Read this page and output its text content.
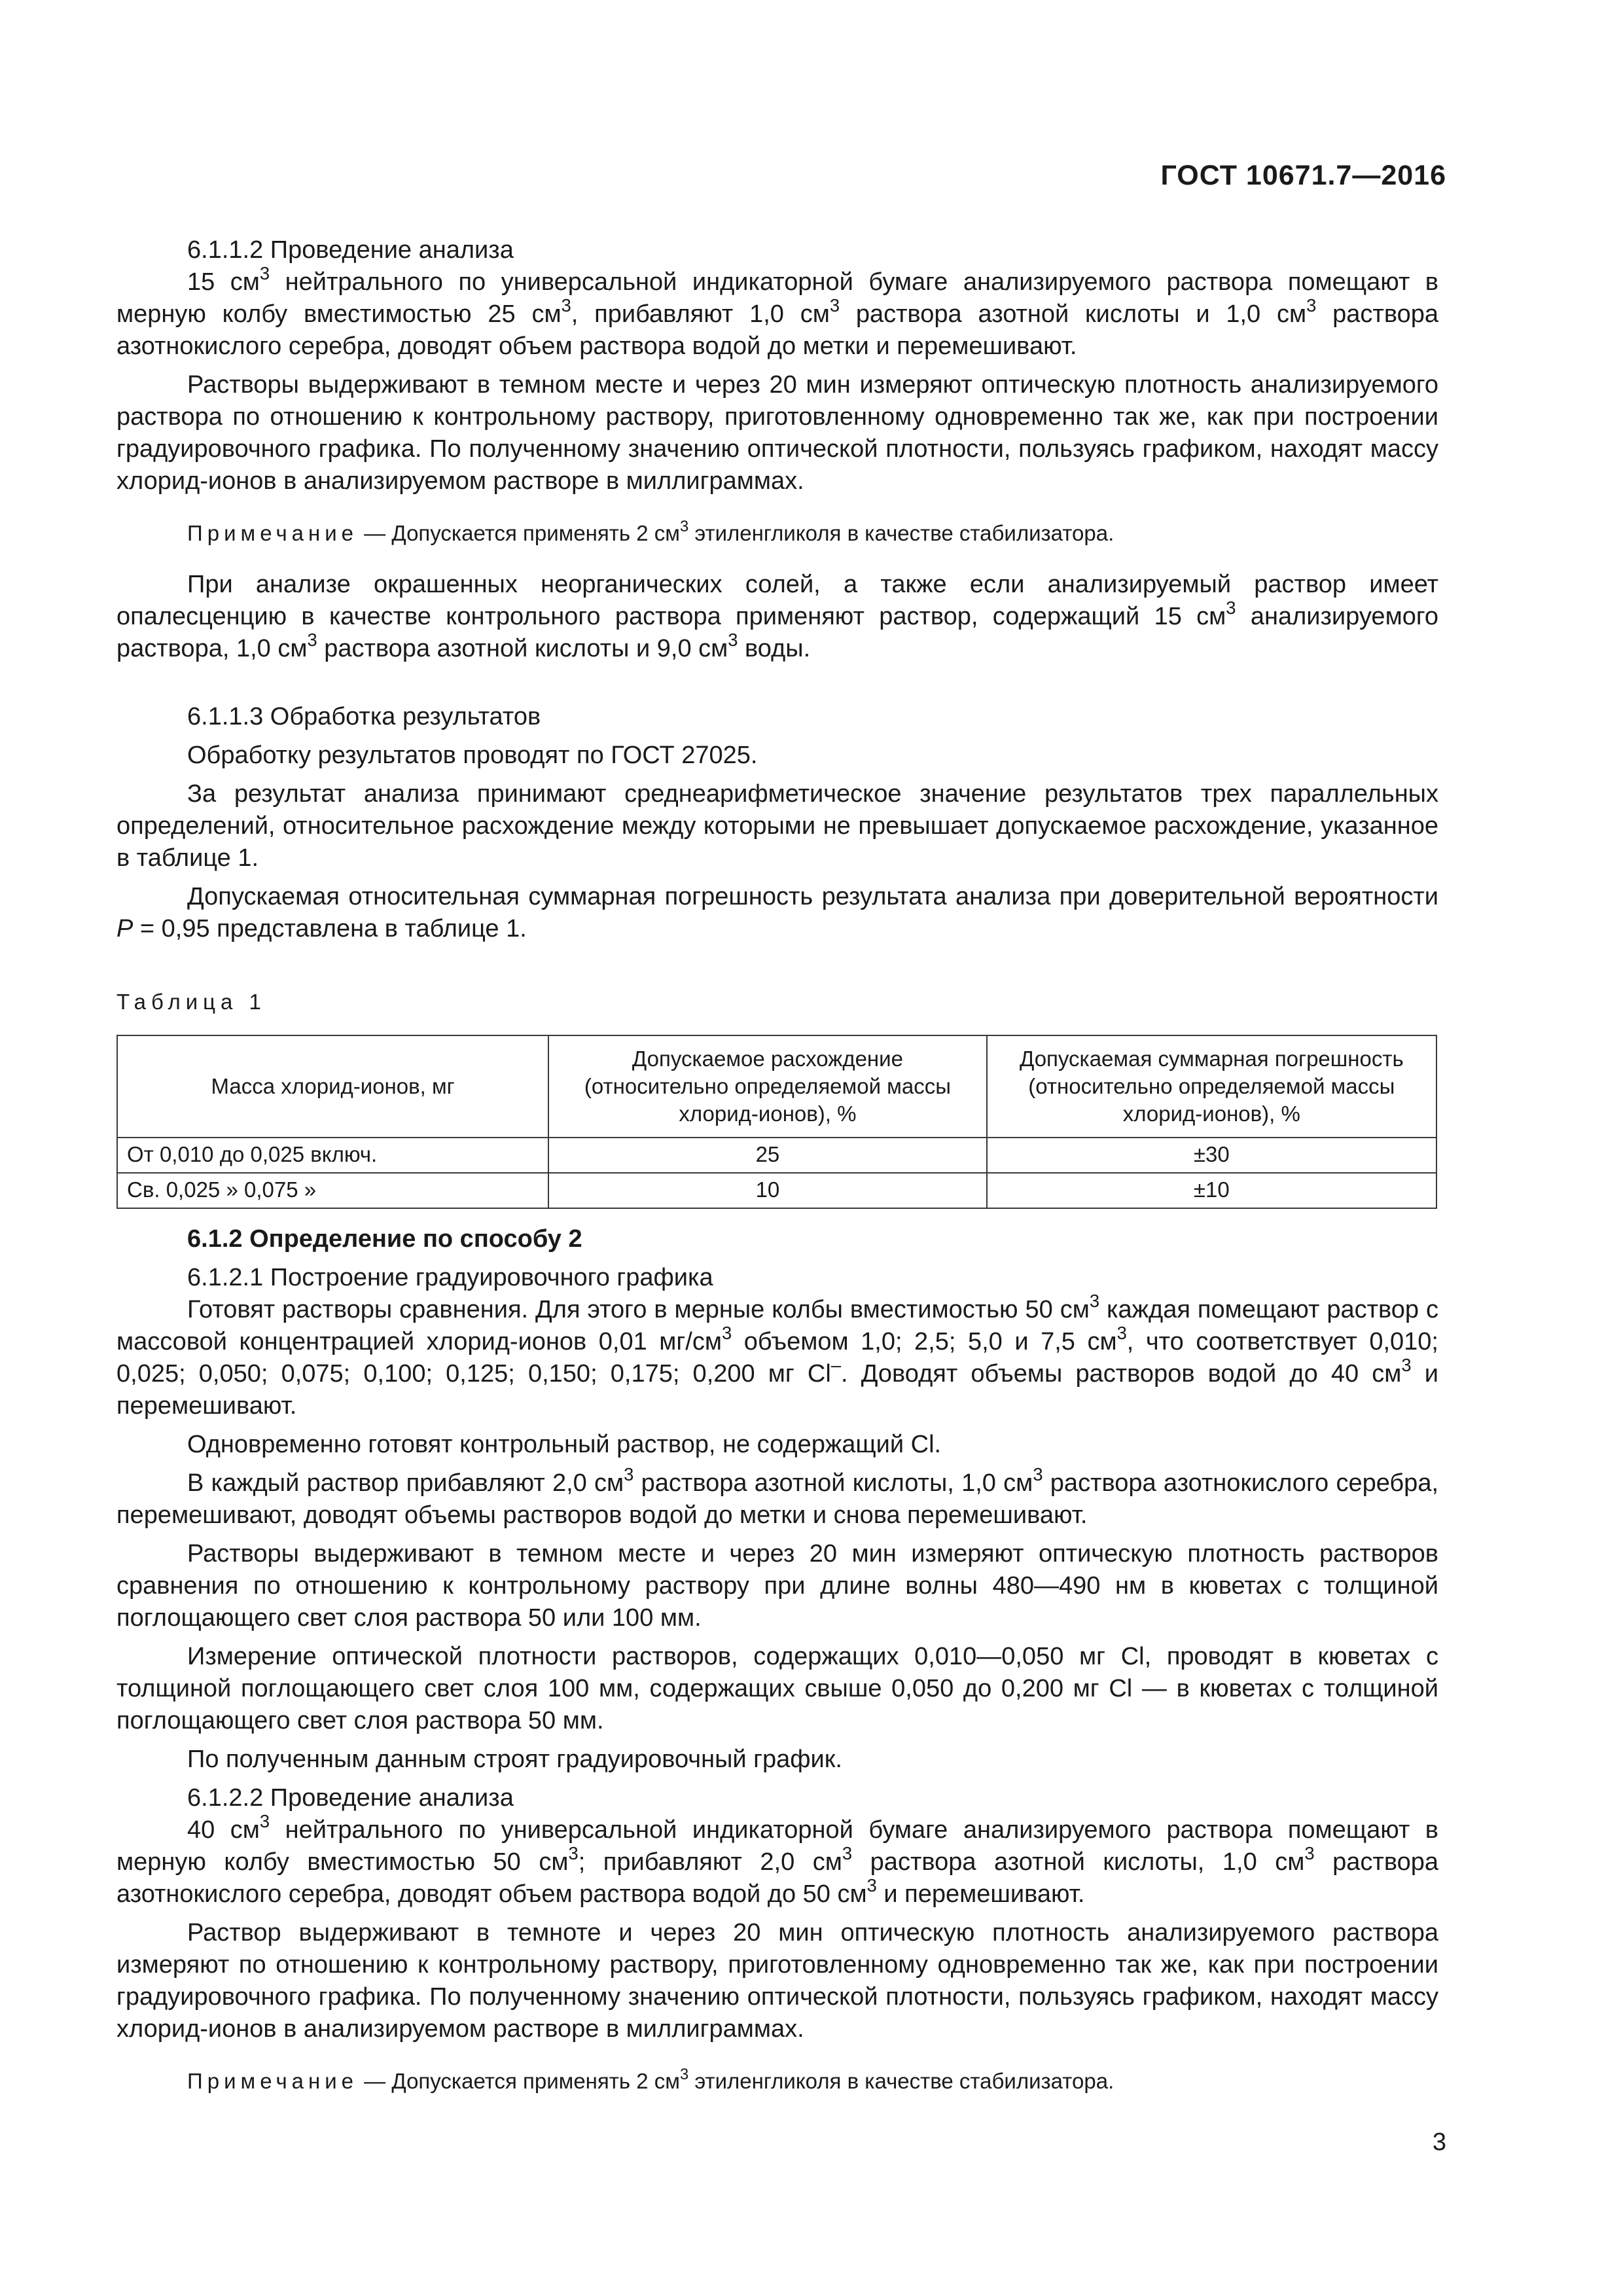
ГОСТ 10671.7—2016

6.1.1.2 Проведение анализа

15 $см^3$ нейтрального по универсальной индикаторной бумаге анализируемого раствора помещают в мерную колбу вместимостью 25 $см^3$, прибавляют 1,0 $см^3$ раствора азотной кислоты и 1,0 $см^3$ раствора азотнокислого серебра, доводят объем раствора водой до метки и перемешивают.

Растворы выдерживают в темном месте и через 20 мин измеряют оптическую плотность анализируемого раствора по отношению к контрольному раствору, приготовленному одновременно так же, как при построении градуировочного графика. По полученному значению оптической плотности, пользуясь графиком, находят массу хлорид-ионов в анализируемом растворе в миллиграммах.

Примечание — Допускается применять 2 $см^3$ этиленгликоля в качестве стабилизатора.

При анализе окрашенных неорганических солей, а также если анализируемый раствор имеет опалесценцию в качестве контрольного раствора применяют раствор, содержащий 15 $см^3$ анализируемого раствора, 1,0 $см^3$ раствора азотной кислоты и 9,0 $см^3$ воды.

6.1.1.3 Обработка результатов

Обработку результатов проводят по ГОСТ 27025.

За результат анализа принимают среднеарифметическое значение результатов трех параллельных определений, относительное расхождение между которыми не превышает допускаемое расхождение, указанное в таблице 1.

Допускаемая относительная суммарная погрешность результата анализа при доверительной вероятности P = 0,95 представлена в таблице 1.

Таблица 1

Масса хлорид-ионов, мг	Допускаемое расхождение (относительно определяемой массы хлорид-ионов), %	Допускаемая суммарная погрешность (относительно определяемой массы хлорид-ионов), %
От 0,010 до 0,025 включ.	25	±30
Св. 0,025 » 0,075 »	10	±10

6.1.2 Определение по способу 2

6.1.2.1 Построение градуировочного графика

Готовят растворы сравнения. Для этого в мерные колбы вместимостью 50 $см^3$ каждая помещают раствор с массовой концентрацией хлорид-ионов 0,01 $мг/см^3$ объемом 1,0; 2,5; 5,0 и 7,5 $см^3$, что соответствует 0,010; 0,025; 0,050; 0,075; 0,100; 0,125; 0,150; 0,175; 0,200 мг Cl–. Доводят объемы растворов водой до 40 $см^3$ и перемешивают.

Одновременно готовят контрольный раствор, не содержащий Cl.

В каждый раствор прибавляют 2,0 $см^3$ раствора азотной кислоты, 1,0 $см^3$ раствора азотнокислого серебра, перемешивают, доводят объемы растворов водой до метки и снова перемешивают.

Растворы выдерживают в темном месте и через 20 мин измеряют оптическую плотность растворов сравнения по отношению к контрольному раствору при длине волны 480—490 нм в кюветах с толщиной поглощающего свет слоя раствора 50 или 100 мм.

Измерение оптической плотности растворов, содержащих 0,010—0,050 мг Cl, проводят в кюветах с толщиной поглощающего свет слоя 100 мм, содержащих свыше 0,050 до 0,200 мг Cl — в кюветах с толщиной поглощающего свет слоя раствора 50 мм.

По полученным данным строят градуировочный график.

6.1.2.2 Проведение анализа

40 $см^3$ нейтрального по универсальной индикаторной бумаге анализируемого раствора помещают в мерную колбу вместимостью 50 $см^3$; прибавляют 2,0 $см^3$ раствора азотной кислоты, 1,0 $см^3$ раствора азотнокислого серебра, доводят объем раствора водой до 50 $см^3$ и перемешивают.

Раствор выдерживают в темноте и через 20 мин оптическую плотность анализируемого раствора измеряют по отношению к контрольному раствору, приготовленному одновременно так же, как при построении градуировочного графика. По полученному значению оптической плотности, пользуясь графиком, находят массу хлорид-ионов в анализируемом растворе в миллиграммах.

Примечание — Допускается применять 2 $см^3$ этиленгликоля в качестве стабилизатора.

3
